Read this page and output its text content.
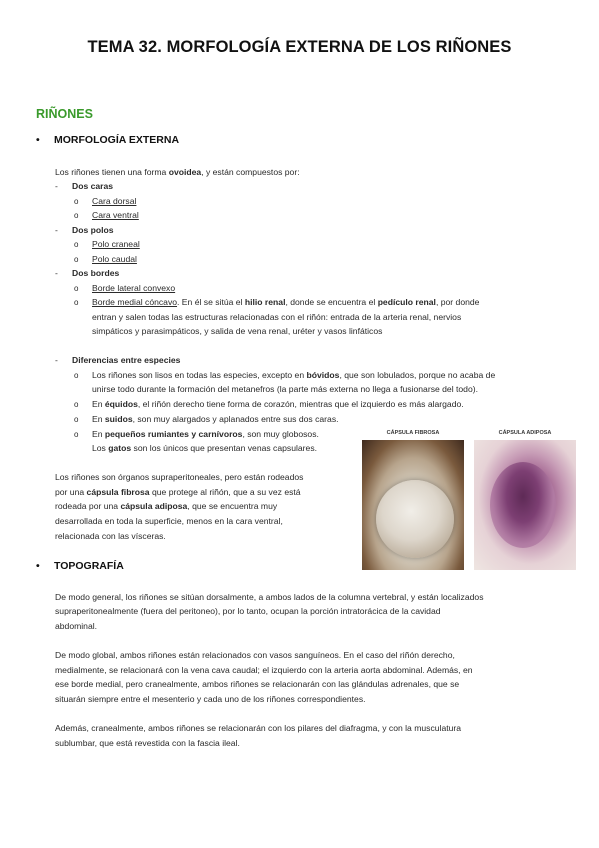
TEMA 32. MORFOLOGÍA EXTERNA DE LOS RIÑONES
RIÑONES
• MORFOLOGÍA EXTERNA
Los riñones tienen una forma ovoidea, y están compuestos por:
- Dos caras
o Cara dorsal
o Cara ventral
- Dos polos
o Polo craneal
o Polo caudal
- Dos bordes
o Borde lateral convexo
o Borde medial cóncavo. En él se sitúa el hilio renal, donde se encuentra el pedículo renal, por donde
entran y salen todas las estructuras relacionadas con el riñón: entrada de la arteria renal, nervios
simpáticos y parasimpáticos, y salida de vena renal, uréter y vasos linfáticos
- Diferencias entre especies
o Los riñones son lisos en todas las especies, excepto en bóvidos, que son lobulados, porque no acaba de
unirse todo durante la formación del metanefros (la parte más externa no llega a fusionarse del todo).
o En équidos, el riñón derecho tiene forma de corazón, mientras que el izquierdo es más alargado.
o En suidos, son muy alargados y aplanados entre sus dos caras.
o En pequeños rumiantes y carnívoros, son muy globosos.
Los gatos son los únicos que presentan venas capsulares.
Los riñones son órganos supraperitoneales, pero están rodeados
por una cápsula fibrosa que protege al riñón, que a su vez está
rodeada por una cápsula adiposa, que se encuentra muy
desarrollada en toda la superficie, menos en la cara ventral,
relacionada con las vísceras.
CÁPSULA FIBROSA	CÁPSULA ADIPOSA
• TOPOGRAFÍA
De modo general, los riñones se sitúan dorsalmente, a ambos lados de la columna vertebral, y están localizados
supraperitonealmente (fuera del peritoneo), por lo tanto, ocupan la porción intratorácica de la cavidad
abdominal.
De modo global, ambos riñones están relacionados con vasos sanguíneos. En el caso del riñón derecho,
medialmente, se relacionará con la vena cava caudal; el izquierdo con la arteria aorta abdominal. Además, en
ese borde medial, pero cranealmente, ambos riñones se relacionarán con las glándulas adrenales, que se
situarán siempre entre el mesenterio y cada uno de los riñones correspondientes.
Además, cranealmente, ambos riñones se relacionarán con los pilares del diafragma, y con la musculatura
sublumbar, que está revestida con la fascia ileal.
